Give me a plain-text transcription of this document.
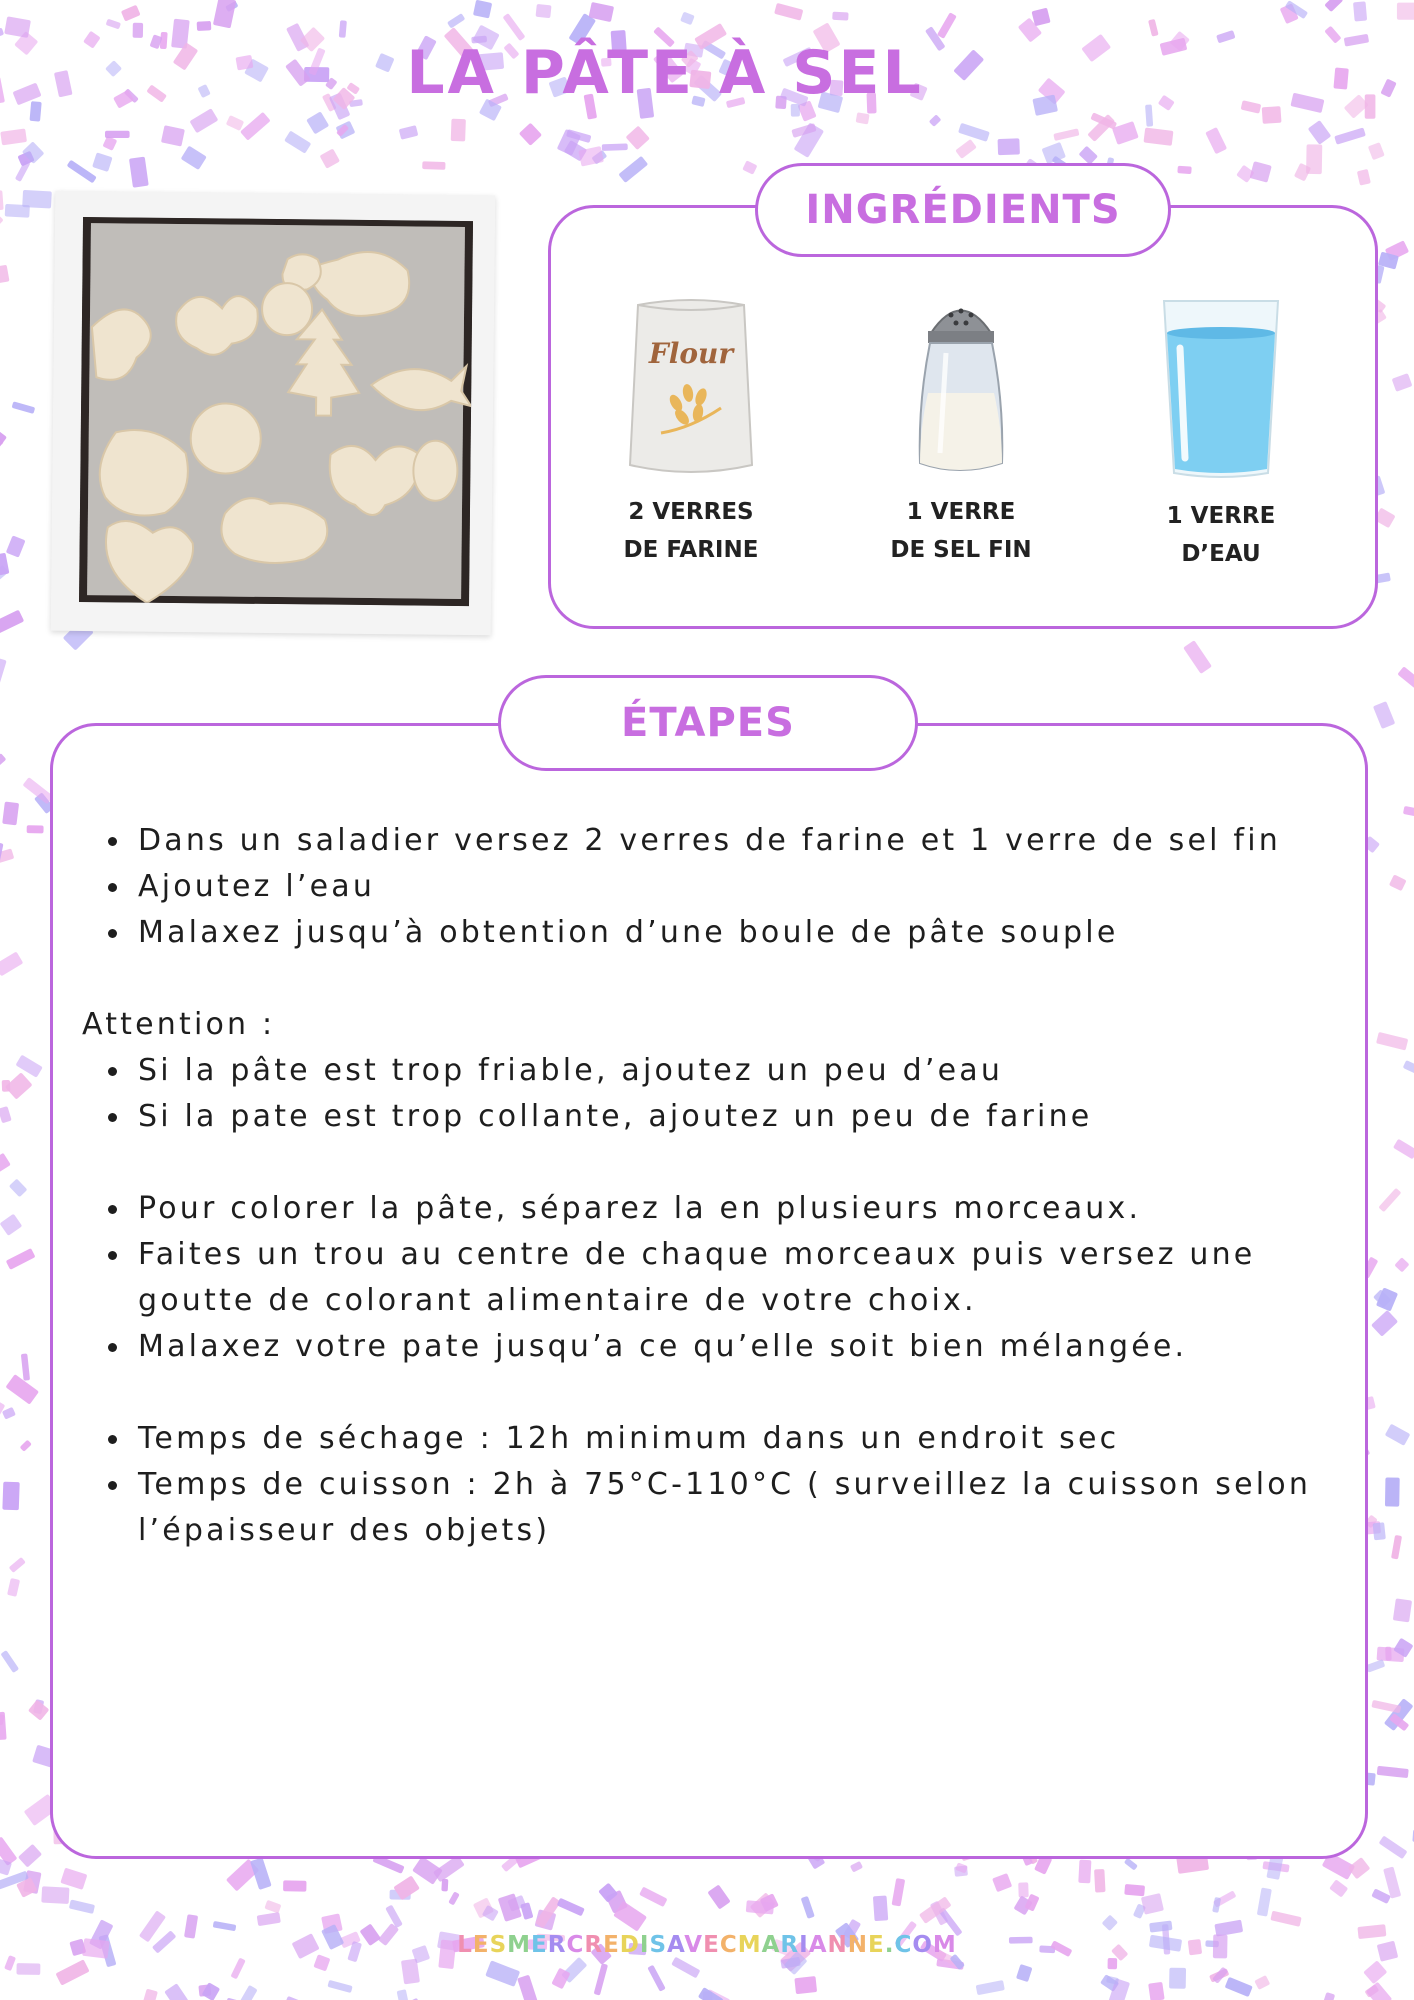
LA PÂTE À SEL
Flour
2 VERRES
DE FARINE
1 VERRE
DE SEL FIN
1 VERRE
D’EAU
INGRÉDIENTS
ÉTAPES
Dans un saladier versez 2 verres de farine et 1 verre de sel fin
Ajoutez l’eau
Malaxez jusqu’à obtention d’une boule de pâte souple

Attention :

Si la pâte est trop friable, ajoutez un peu d’eau
Si la pate est trop collante, ajoutez un peu de farine
Pour colorer la pâte, séparez la en plusieurs morceaux.
Faites un trou au centre de chaque morceaux puis versez une goutte de colorant alimentaire de votre choix.
Malaxez votre pate jusqu’a ce qu’elle soit bien mélangée.
Temps de séchage : 12h minimum dans un endroit sec
Temps de cuisson : 2h à 75°C-110°C ( surveillez la cuisson selon l’épaisseur des objets)
LESMERCREDISAVECMARIANNE.COM
